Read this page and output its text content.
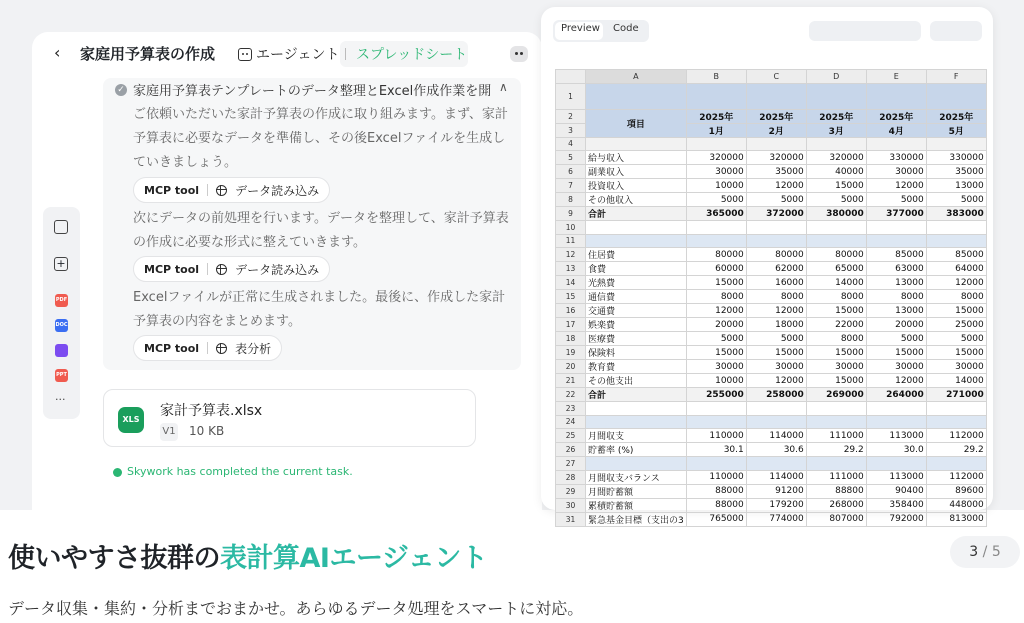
‹	家庭用予算表の作成	エージェント スプレッドシート
✓ 家庭用予算表テンプレートのデータ整理とExcel作成作業を開 ∧
ご依頼いただいた家計予算表の作成に取り組みます。まず、家計予算表に必要なデータを準備し、その後Excelファイルを生成していきましょう。
MCP tool	データ読み込み
次にデータの前処理を行います。データを整理して、家計予算表の作成に必要な形式に整えていきます。
MCP tool	データ読み込み
Excelファイルが正常に生成されました。最後に、作成した家計予算表の内容をまとめます。
MCP tool	表分析
XLS
家計予算表.xlsx
V1 10 KB
Skywork has completed the current task.
+
PDF
DOC
PPT
···
Preview Code
	A	B	C	D	E	F
1						
2	項目	2025年	2025年	2025年	2025年	2025年
3		1月	2月	3月	4月	5月
4						
5	給与収入	320000	320000	320000	330000	330000
6	副業収入	30000	35000	40000	30000	35000
7	投資収入	10000	12000	15000	12000	13000
8	その他収入	5000	5000	5000	5000	5000
9	合計	365000	372000	380000	377000	383000
10						
11						
12	住居費	80000	80000	80000	85000	85000
13	食費	60000	62000	65000	63000	64000
14	光熱費	15000	16000	14000	13000	12000
15	通信費	8000	8000	8000	8000	8000
16	交通費	12000	12000	15000	13000	15000
17	娯楽費	20000	18000	22000	20000	25000
18	医療費	5000	5000	8000	5000	5000
19	保険料	15000	15000	15000	15000	15000
20	教育費	30000	30000	30000	30000	30000
21	その他支出	10000	12000	15000	12000	14000
22	合計	255000	258000	269000	264000	271000
23						
24						
25	月間収支	110000	114000	111000	113000	112000
26	貯蓄率 (%)	30.1	30.6	29.2	30.0	29.2
27						
28	月間収支バランス	110000	114000	111000	113000	112000
29	月間貯蓄額	88000	91200	88800	90400	89600
30	累積貯蓄額	88000	179200	268000	358400	448000
31	緊急基金目標（支出の3	765000	774000	807000	792000	813000
使いやすさ抜群の表計算AIエージェント	3 / 5
データ収集・集約・分析までおまかせ。あらゆるデータ処理をスマートに対応。
